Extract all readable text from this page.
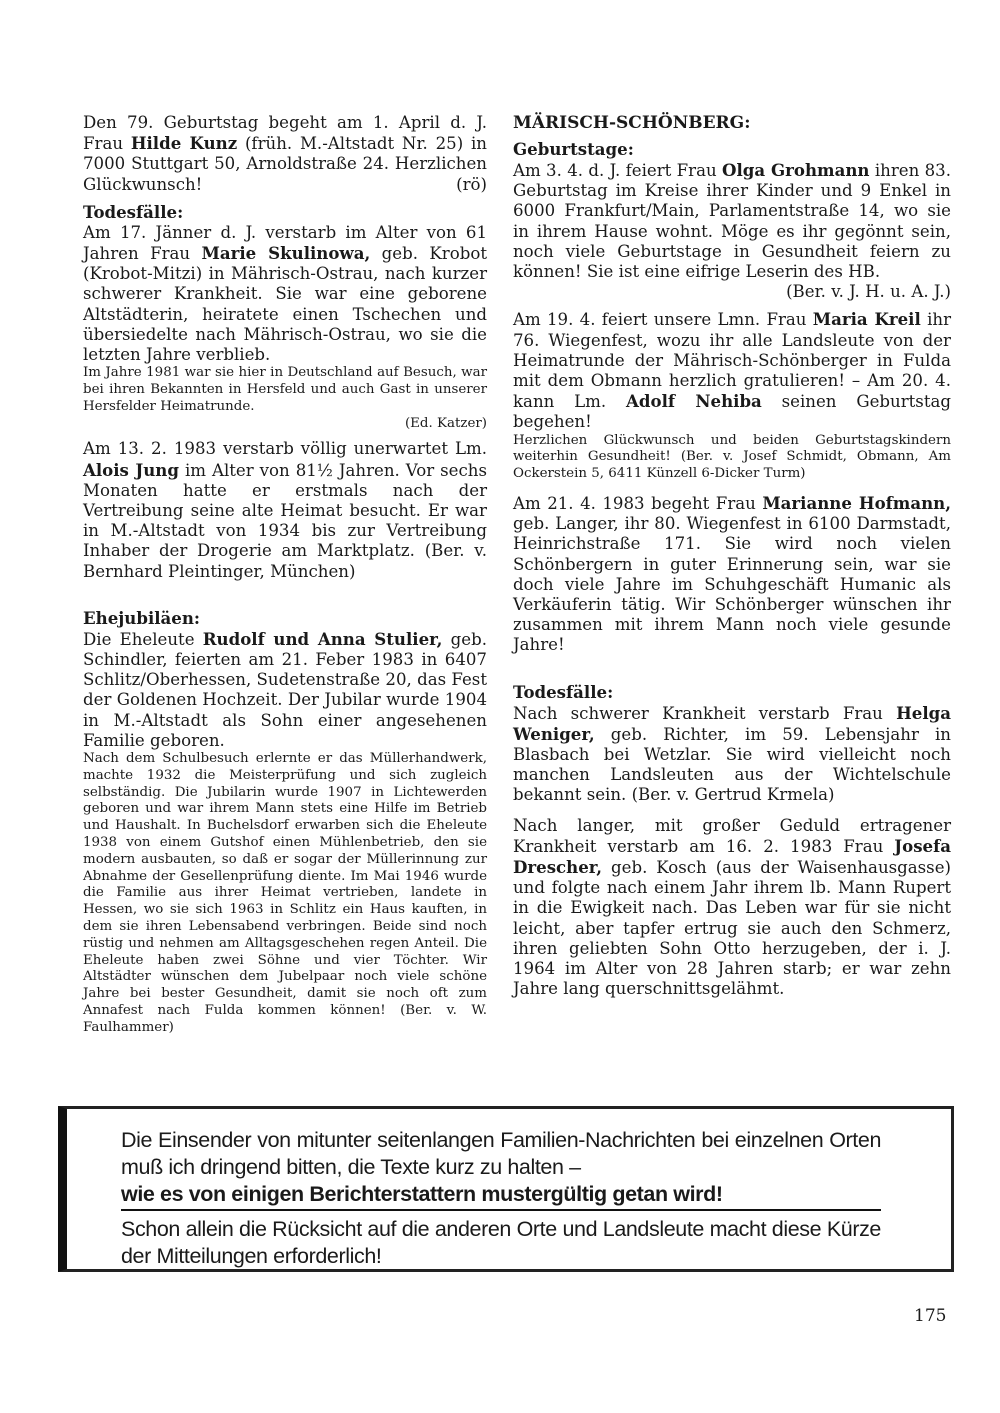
Den 79. Geburtstag begeht am 1. April d. J. Frau Hilde Kunz (früh. M.-Altstadt Nr. 25) in 7000 Stuttgart 50, Arnoldstraße 24. Herzlichen Glückwunsch!	(rö)

Todesfälle:

Am 17. Jänner d. J. verstarb im Alter von 61 Jahren Frau Marie Skulinowa, geb. Krobot (Krobot-Mitzi) in Mährisch-Ostrau, nach kurzer schwerer Krankheit. Sie war eine geborene Altstädterin, heiratete einen Tschechen und übersiedelte nach Mährisch-Ostrau, wo sie die letzten Jahre verblieb.

Im Jahre 1981 war sie hier in Deutschland auf Besuch, war bei ihren Bekannten in Hersfeld und auch Gast in unserer Hersfelder Heimatrunde.

(Ed. Katzer)

Am 13. 2. 1983 verstarb völlig unerwartet Lm. Alois Jung im Alter von 81½ Jahren. Vor sechs Monaten hatte er erstmals nach der Vertreibung seine alte Heimat besucht. Er war in M.-Altstadt von 1934 bis zur Vertreibung Inhaber der Drogerie am Marktplatz. (Ber. v. Bernhard Pleintinger, München)

Ehejubiläen:

Die Eheleute Rudolf und Anna Stulier, geb. Schindler, feierten am 21. Feber 1983 in 6407 Schlitz/Oberhessen, Sudetenstraße 20, das Fest der Goldenen Hochzeit. Der Jubilar wurde 1904 in M.-Altstadt als Sohn einer angesehenen Familie geboren.

Nach dem Schulbesuch erlernte er das Müllerhandwerk, machte 1932 die Meisterprüfung und sich zugleich selbständig. Die Jubilarin wurde 1907 in Lichtewerden geboren und war ihrem Mann stets eine Hilfe im Betrieb und Haushalt. In Buchelsdorf erwarben sich die Eheleute 1938 von einem Gutshof einen Mühlenbetrieb, den sie modern ausbauten, so daß er sogar der Müllerinnung zur Abnahme der Gesellenprüfung diente. Im Mai 1946 wurde die Familie aus ihrer Heimat vertrieben, landete in Hessen, wo sie sich 1963 in Schlitz ein Haus kauften, in dem sie ihren Lebensabend verbringen. Beide sind noch rüstig und nehmen am Alltagsgeschehen regen Anteil. Die Eheleute haben zwei Söhne und vier Töchter. Wir Altstädter wünschen dem Jubelpaar noch viele schöne Jahre bei bester Gesundheit, damit sie noch oft zum Annafest nach Fulda kommen können! (Ber. v. W. Faulhammer)

MÄRISCH-SCHÖNBERG:
Geburtstage:

Am 3. 4. d. J. feiert Frau Olga Grohmann ihren 83. Geburtstag im Kreise ihrer Kinder und 9 Enkel in 6000 Frankfurt/Main, Parlamentstraße 14, wo sie in ihrem Hause wohnt. Möge es ihr gegönnt sein, noch viele Geburtstage in Gesundheit feiern zu können! Sie ist eine eifrige Leserin des HB.

(Ber. v. J. H. u. A. J.)

Am 19. 4. feiert unsere Lmn. Frau Maria Kreil ihr 76. Wiegenfest, wozu ihr alle Landsleute von der Heimatrunde der Mährisch-Schönberger in Fulda mit dem Obmann herzlich gratulieren! – Am 20. 4. kann Lm. Adolf Nehiba seinen Geburtstag begehen!

Herzlichen Glückwunsch und beiden Geburtstagskindern weiterhin Gesundheit! (Ber. v. Josef Schmidt, Obmann, Am Ockerstein 5, 6411 Künzell 6-Dicker Turm)

Am 21. 4. 1983 begeht Frau Marianne Hofmann, geb. Langer, ihr 80. Wiegenfest in 6100 Darmstadt, Heinrichstraße 171. Sie wird noch vielen Schönbergern in guter Erinnerung sein, war sie doch viele Jahre im Schuhgeschäft Humanic als Verkäuferin tätig. Wir Schönberger wünschen ihr zusammen mit ihrem Mann noch viele gesunde Jahre!

Todesfälle:

Nach schwerer Krankheit verstarb Frau Helga Weniger, geb. Richter, im 59. Lebensjahr in Blasbach bei Wetzlar. Sie wird vielleicht noch manchen Landsleuten aus der Wichtelschule bekannt sein. (Ber. v. Gertrud Krmela)

Nach langer, mit großer Geduld ertragener Krankheit verstarb am 16. 2. 1983 Frau Josefa Drescher, geb. Kosch (aus der Waisenhausgasse) und folgte nach einem Jahr ihrem lb. Mann Rupert in die Ewigkeit nach. Das Leben war für sie nicht leicht, aber tapfer ertrug sie auch den Schmerz, ihren geliebten Sohn Otto herzugeben, der i. J. 1964 im Alter von 28 Jahren starb; er war zehn Jahre lang querschnittsgelähmt.

Die Einsender von mitunter seitenlangen Familien-Nachrichten bei einzelnen Orten muß ich dringend bitten, die Texte kurz zu halten –
wie es von einigen Berichterstattern mustergültig getan wird!
Schon allein die Rücksicht auf die anderen Orte und Landsleute macht diese Kürze der Mitteilungen erforderlich!
175
